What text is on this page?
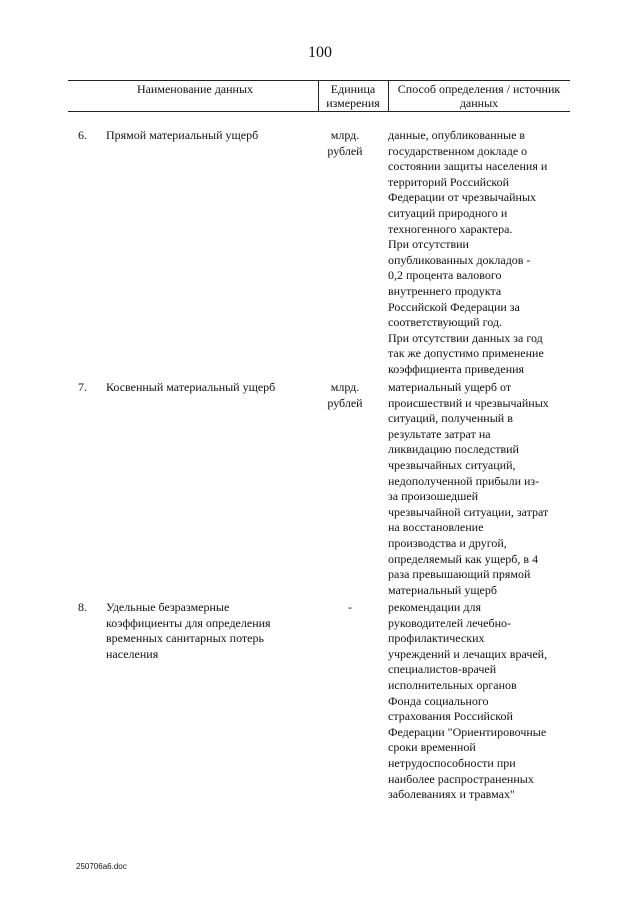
100
Наименование данных	Единица измерения
Способ определения / источник данных
6.	Прямой материальный ущерб	млрд. рублей
данные, опубликованные в
государственном докладе о
состоянии защиты населения и
территорий Российской
Федерации от чрезвычайных
ситуаций природного и
техногенного характера.
При отсутствии
опубликованных докладов -
0,2 процента валового
внутреннего продукта
Российской Федерации за
соответствующий год.
При отсутствии данных за год
так же допустимо применение
коэффициента приведения
7.	Косвенный материальный ущерб	млрд. рублей
материальный ущерб от
происшествий и чрезвычайных
ситуаций, полученный в
результате затрат на
ликвидацию последствий
чрезвычайных ситуаций,
недополученной прибыли из-
за произошедшей
чрезвычайной ситуации, затрат
на восстановление
производства и другой,
определяемый как ущерб, в 4
раза превышающий прямой
материальный ущерб
8.	Удельные безразмерные
коэффициенты для определения
временных санитарных потерь
населения
-	рекомендации для
руководителей лечебно-
профилактических
учреждений и лечащих врачей,
специалистов-врачей
исполнительных органов
Фонда социального
страхования Российской
Федерации "Ориентировочные
сроки временной
нетрудоспособности при
наиболее распространенных
заболеваниях и травмах"
250706a6.doc
